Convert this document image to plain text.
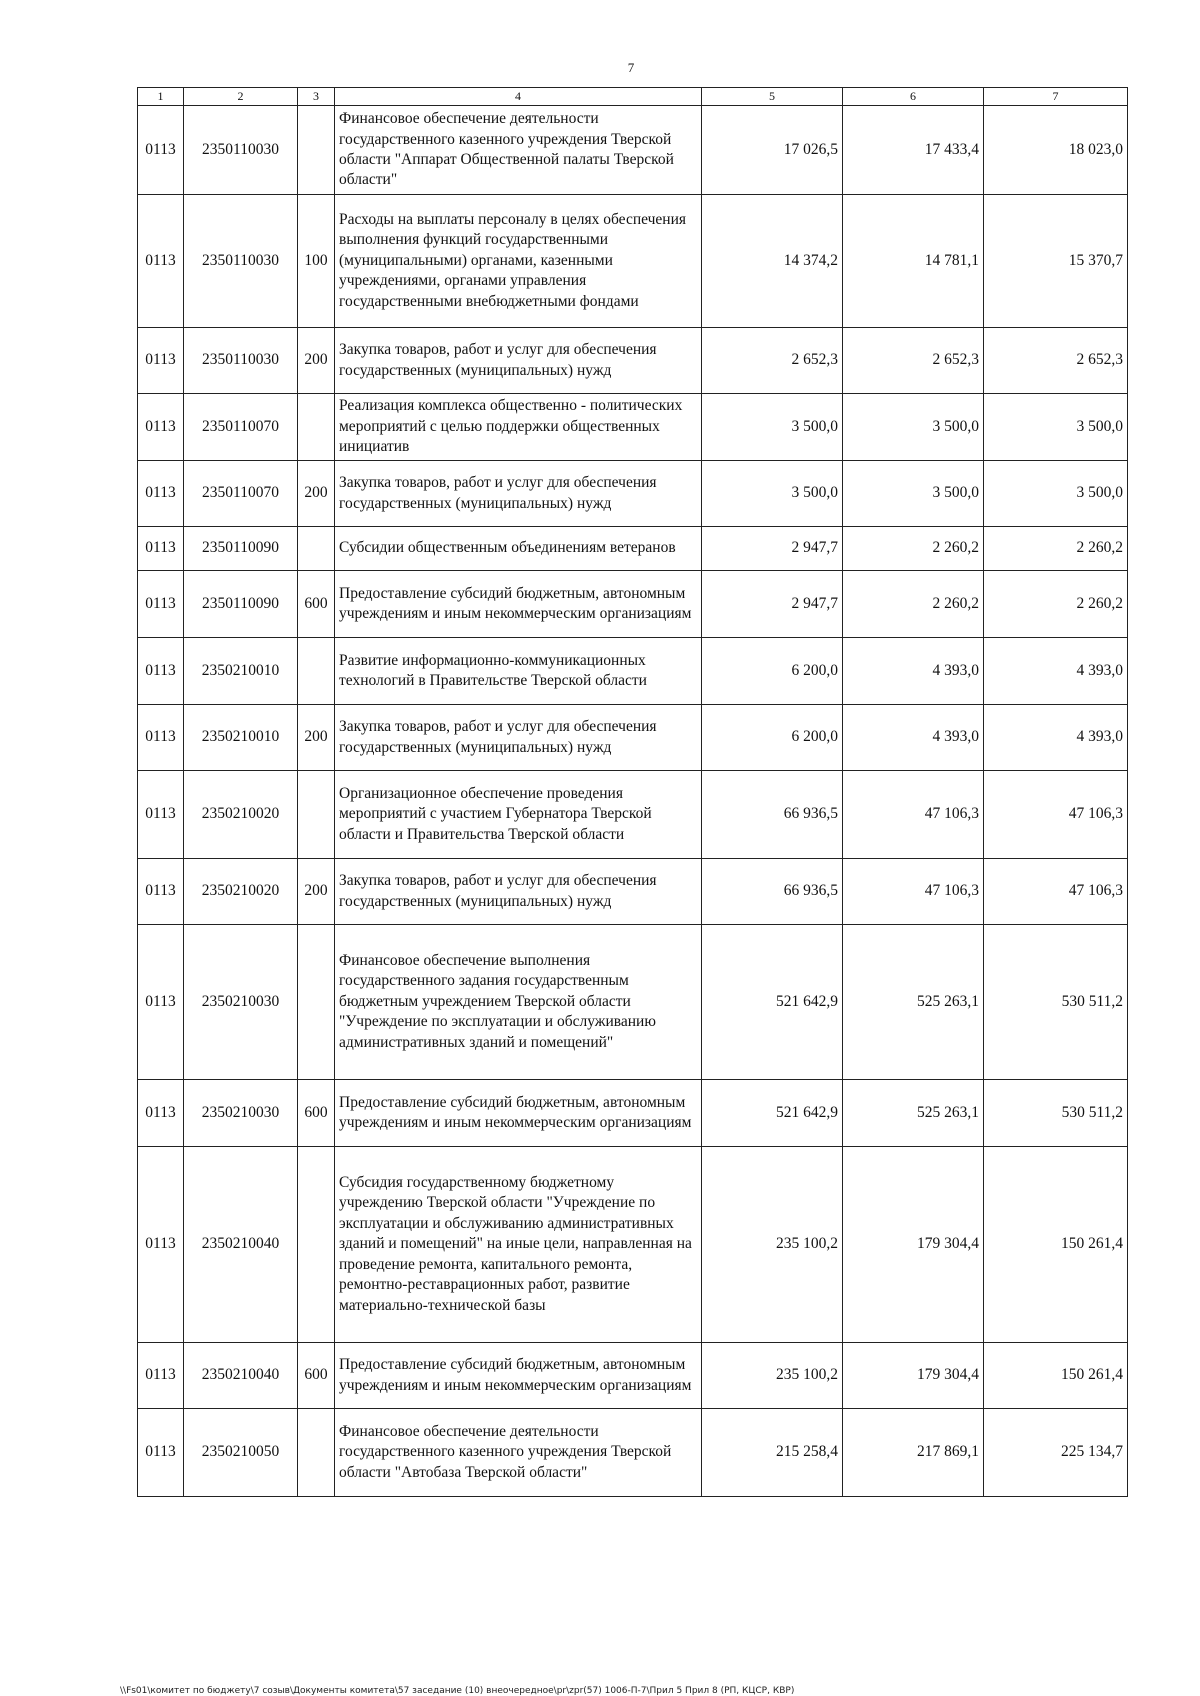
7
1	2	3	4	5	6	7
0113	2350110030		Финансовое обеспечение деятельности государственного казенного учреждения Тверской области "Аппарат Общественной палаты Тверской области"	17 026,5	17 433,4	18 023,0
0113	2350110030	100	Расходы на выплаты персоналу в целях обеспечения выполнения функций государственными (муниципальными) органами, казенными учреждениями, органами управления государственными внебюджетными фондами	14 374,2	14 781,1	15 370,7
0113	2350110030	200	Закупка товаров, работ и услуг для обеспечения государственных (муниципальных) нужд	2 652,3	2 652,3	2 652,3
0113	2350110070		Реализация комплекса общественно - политических мероприятий с целью поддержки общественных инициатив	3 500,0	3 500,0	3 500,0
0113	2350110070	200	Закупка товаров, работ и услуг для обеспечения государственных (муниципальных) нужд	3 500,0	3 500,0	3 500,0
0113	2350110090		Субсидии общественным объединениям ветеранов	2 947,7	2 260,2	2 260,2
0113	2350110090	600	Предоставление субсидий бюджетным, автономным учреждениям и иным некоммерческим организациям	2 947,7	2 260,2	2 260,2
0113	2350210010		Развитие информационно-коммуникационных технологий в Правительстве Тверской области	6 200,0	4 393,0	4 393,0
0113	2350210010	200	Закупка товаров, работ и услуг для обеспечения государственных (муниципальных) нужд	6 200,0	4 393,0	4 393,0
0113	2350210020		Организационное обеспечение проведения мероприятий с участием Губернатора Тверской области и Правительства Тверской области	66 936,5	47 106,3	47 106,3
0113	2350210020	200	Закупка товаров, работ и услуг для обеспечения государственных (муниципальных) нужд	66 936,5	47 106,3	47 106,3
0113	2350210030		Финансовое обеспечение выполнения государственного задания государственным бюджетным учреждением Тверской области "Учреждение по эксплуатации и обслуживанию административных зданий и помещений"	521 642,9	525 263,1	530 511,2
0113	2350210030	600	Предоставление субсидий бюджетным, автономным учреждениям и иным некоммерческим организациям	521 642,9	525 263,1	530 511,2
0113	2350210040		Субсидия государственному бюджетному учреждению Тверской области "Учреждение по эксплуатации и обслуживанию административных зданий и помещений" на иные цели, направленная на проведение ремонта, капитального ремонта, ремонтно-реставрационных работ, развитие материально-технической базы	235 100,2	179 304,4	150 261,4
0113	2350210040	600	Предоставление субсидий бюджетным, автономным учреждениям и иным некоммерческим организациям	235 100,2	179 304,4	150 261,4
0113	2350210050		Финансовое обеспечение деятельности государственного казенного учреждения Тверской области "Автобаза Тверской области"	215 258,4	217 869,1	225 134,7
\\Fs01\комитет по бюджету\7 созыв\Документы комитета\57 заседание (10) внеочередное\pr\zpr(57) 1006-П-7\Прил 5 Прил 8 (РП, КЦСР, КВР)
